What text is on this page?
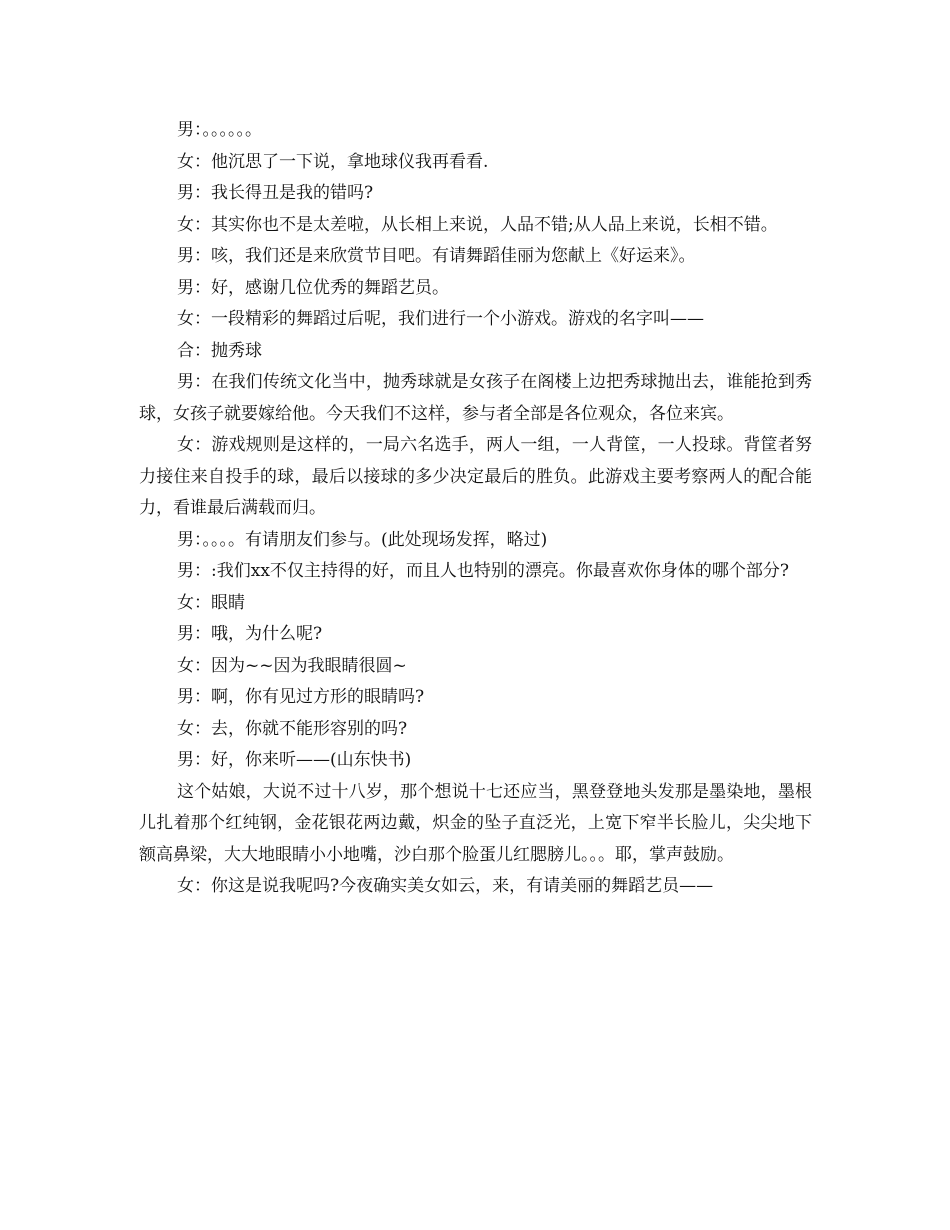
男：。。。。。。

女：他沉思了一下说，拿地球仪我再看看.

男：我长得丑是我的错吗?

女：其实你也不是太差啦，从长相上来说，人品不错;从人品上来说，长相不错。

男：咳，我们还是来欣赏节目吧。有请舞蹈佳丽为您献上《好运来》。

男：好，感谢几位优秀的舞蹈艺员。

女：一段精彩的舞蹈过后呢，我们进行一个小游戏。游戏的名字叫——

合：抛秀球

男：在我们传统文化当中，抛秀球就是女孩子在阁楼上边把秀球抛出去，谁能抢到秀球，女孩子就要嫁给他。今天我们不这样，参与者全部是各位观众，各位来宾。

女：游戏规则是这样的，一局六名选手，两人一组，一人背筐，一人投球。背筐者努力接住来自投手的球，最后以接球的多少决定最后的胜负。此游戏主要考察两人的配合能力，看谁最后满载而归。

男：。。。。有请朋友们参与。(此处现场发挥，略过)

男：:我们xx不仅主持得的好，而且人也特别的漂亮。你最喜欢你身体的哪个部分?

女：眼睛

男：哦，为什么呢?

女：因为~~因为我眼睛很圆~

男：啊，你有见过方形的眼睛吗?

女：去，你就不能形容别的吗?

男：好，你来听——(山东快书)

这个姑娘，大说不过十八岁，那个想说十七还应当，黑登登地头发那是墨染地，墨根儿扎着那个红纯钢，金花银花两边戴，炽金的坠子直泛光，上宽下窄半长脸儿，尖尖地下额高鼻梁，大大地眼睛小小地嘴，沙白那个脸蛋儿红腮膀儿。。。耶，掌声鼓励。

女：你这是说我呢吗?今夜确实美女如云，来，有请美丽的舞蹈艺员——
